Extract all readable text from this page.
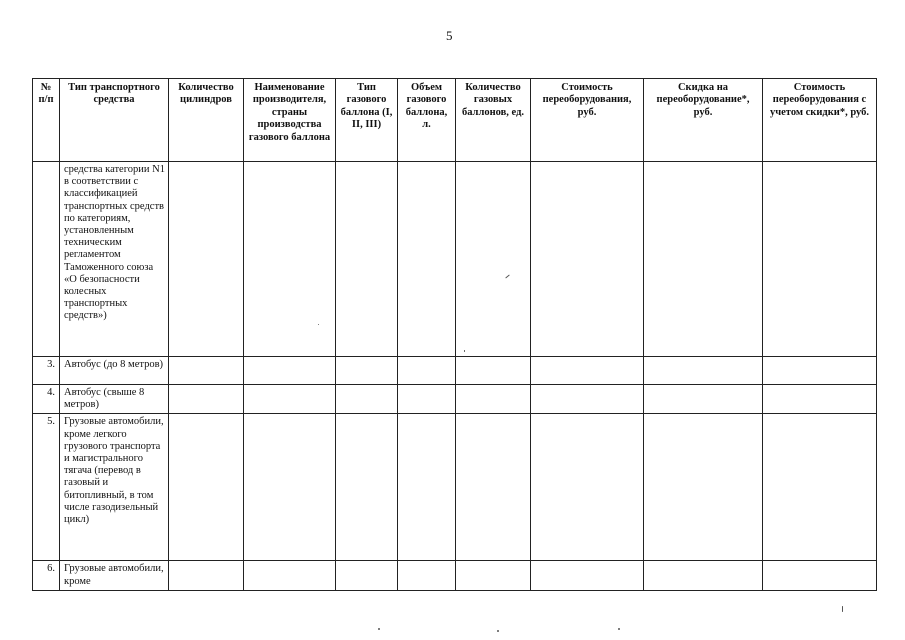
5
№ п/п	Тип транспортного средства	Количество цилиндров	Наименование производителя, страны производства газового баллона	Тип газового баллона (I, II, III)	Объем газового баллона, л.	Количество газовых баллонов, ед.	Стоимость переоборудования, руб.	Скидка на переоборудование*, руб.	Стоимость переоборудования с учетом скидки*, руб.
	средства категории N1 в соответствии с классификацией транспортных средств по категориям, установленным техническим регламентом Таможенного союза «О безопасности колесных транспортных средств»)								
3.	Автобус (до 8 метров)								
4.	Автобус (свыше 8 метров)								
5.	Грузовые автомобили, кроме легкого грузового транспорта и магистрального тягача (перевод в газовый и битопливный, в том числе газодизельный цикл)								
6.	Грузовые автомобили, кроме								
